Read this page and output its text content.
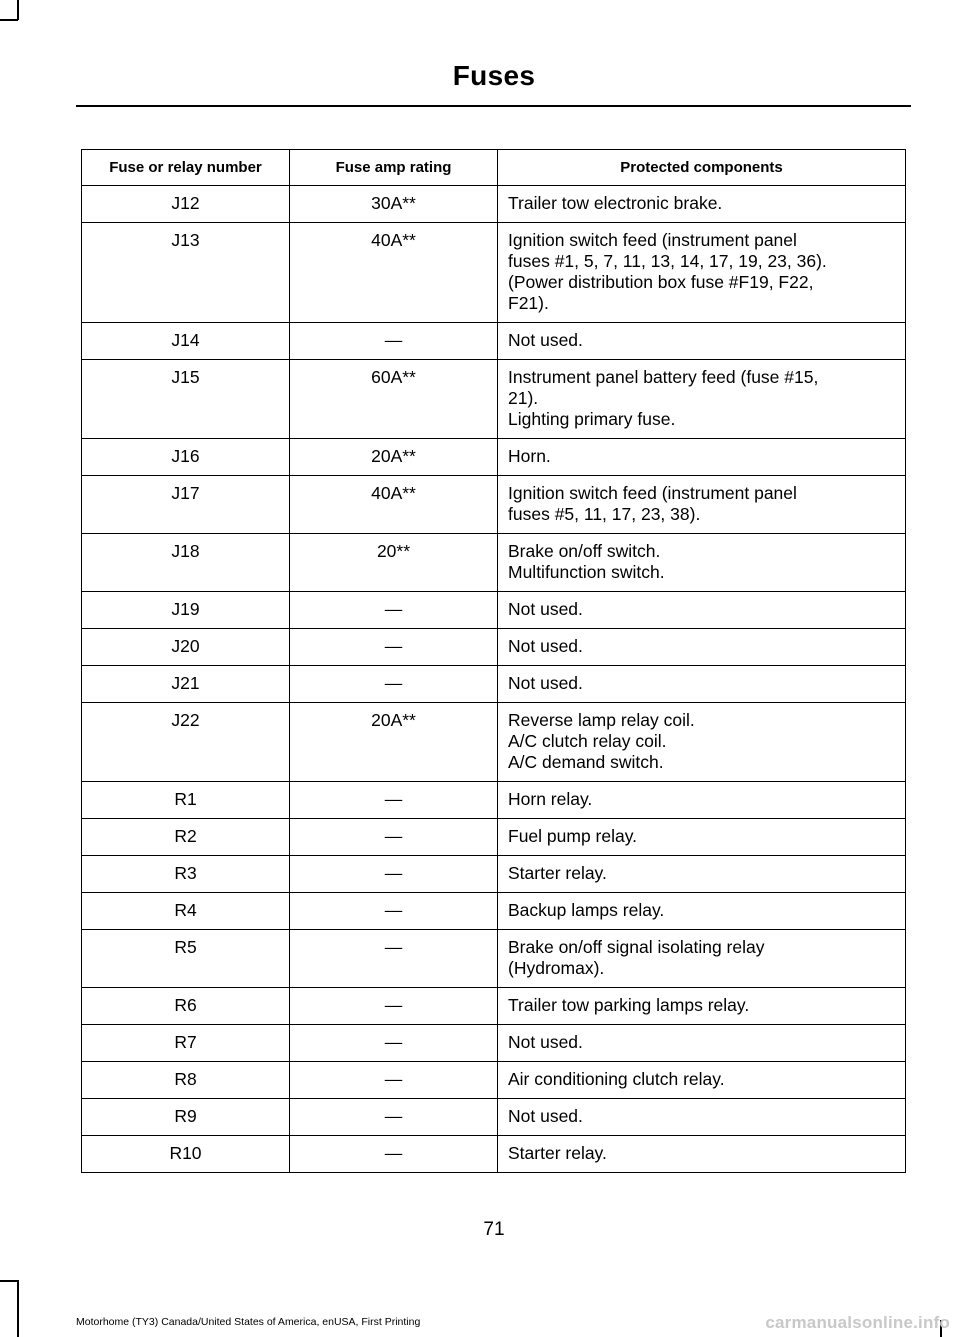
Fuses
Fuse or relay number	Fuse amp rating	Protected components
J12	30A**	Trailer tow electronic brake.

J13	40A**	Ignition switch feed (instrument panel
fuses #1, 5, 7, 11, 13, 14, 17, 19, 23, 36).
(Power distribution box fuse #F19, F22,
F21).

J14	—	Not used.

J15	60A**	Instrument panel battery feed (fuse #15,
21).
Lighting primary fuse.

J16	20A**	Horn.

J17	40A**	Ignition switch feed (instrument panel
fuses #5, 11, 17, 23, 38).

J18	20**	Brake on/off switch.
Multifunction switch.

J19	—	Not used.

J20	—	Not used.

J21	—	Not used.

J22	20A**	Reverse lamp relay coil.
A/C clutch relay coil.
A/C demand switch.

R1	—	Horn relay.

R2	—	Fuel pump relay.

R3	—	Starter relay.

R4	—	Backup lamps relay.

R5	—	Brake on/off signal isolating relay
(Hydromax).

R6	—	Trailer tow parking lamps relay.

R7	—	Not used.

R8	—	Air conditioning clutch relay.

R9	—	Not used.

R10	—	Starter relay.
71
Motorhome (TY3) Canada/United States of America, enUSA, First Printing	carmanualsonline.info
